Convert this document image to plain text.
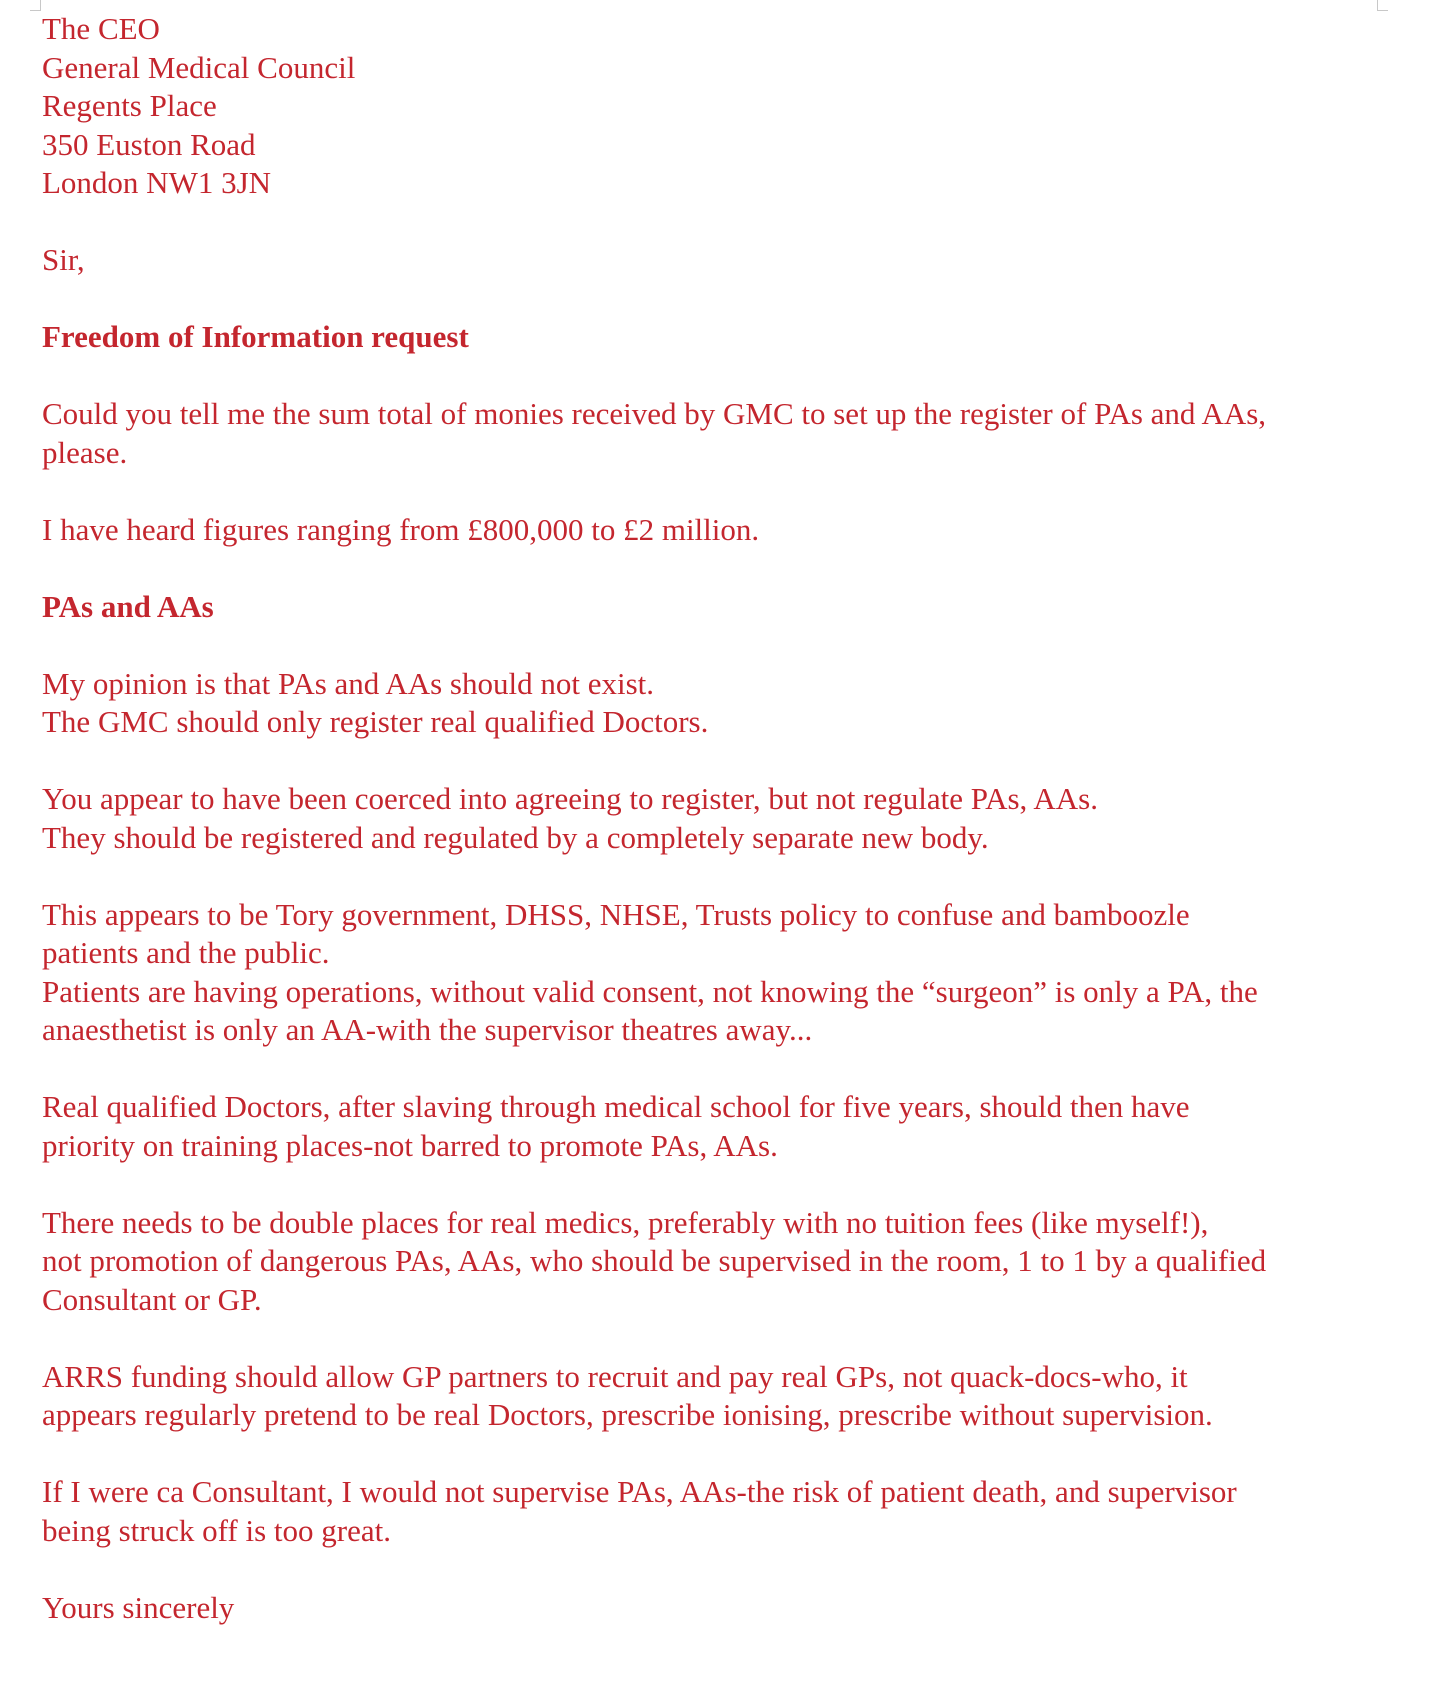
The CEO

General Medical Council

Regents Place

350 Euston Road

London NW1 3JN

Sir,

Freedom of Information request

Could you tell me the sum total of monies received by GMC to set up the register of PAs and AAs,

please.

I have heard figures ranging from £800,000 to £2 million.

PAs and AAs

My opinion is that PAs and AAs should not exist.

The GMC should only register real qualified Doctors.

You appear to have been coerced into agreeing to register, but not regulate PAs, AAs.

They should be registered and regulated by a completely separate new body.

This appears to be Tory government, DHSS, NHSE, Trusts policy to confuse and bamboozle

patients and the public.

Patients are having operations, without valid consent, not knowing the “surgeon” is only a PA, the

anaesthetist is only an AA-with the supervisor theatres away...

Real qualified Doctors, after slaving through medical school for five years, should then have

priority on training places-not barred to promote PAs, AAs.

There needs to be double places for real medics, preferably with no tuition fees (like myself!),

not promotion of dangerous PAs, AAs, who should be supervised in the room, 1 to 1 by a qualified

Consultant or GP.

ARRS funding should allow GP partners to recruit and pay real GPs, not quack-docs-who, it

appears regularly pretend to be real Doctors, prescribe ionising, prescribe without supervision.

If I were ca Consultant, I would not supervise PAs, AAs-the risk of patient death, and supervisor

being struck off is too great.

Yours sincerely
